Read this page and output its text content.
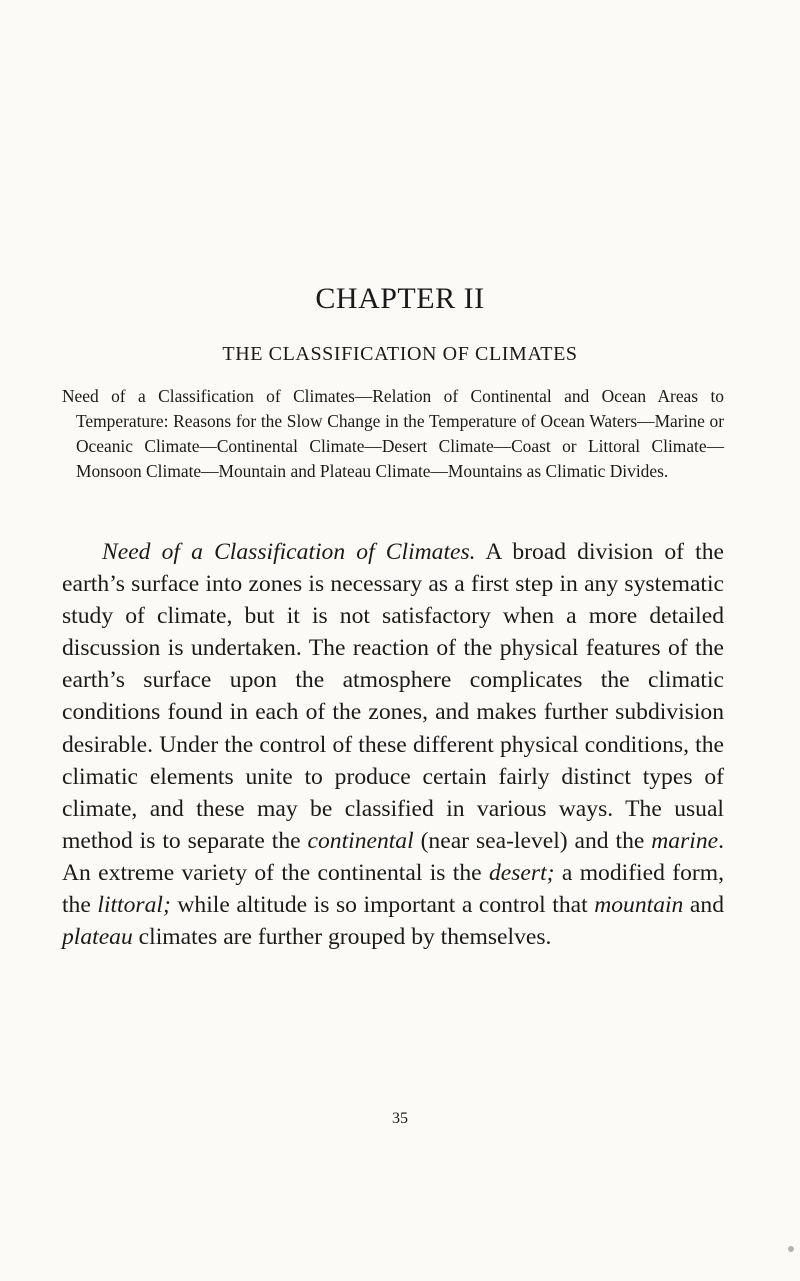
CHAPTER II
THE CLASSIFICATION OF CLIMATES

Need of a Classification of Climates—Relation of Continental and Ocean Areas to Temperature: Reasons for the Slow Change in the Temperature of Ocean Waters—Marine or Oceanic Climate—Continental Climate—Desert Climate—Coast or Littoral Climate—Monsoon Climate—Mountain and Plateau Climate—Mountains as Climatic Divides.

Need of a Classification of Climates. A broad division of the earth’s surface into zones is necessary as a first step in any systematic study of climate, but it is not satisfactory when a more detailed discussion is undertaken. The reaction of the physical features of the earth’s surface upon the atmosphere complicates the climatic conditions found in each of the zones, and makes further subdivision desirable. Under the control of these different physical conditions, the climatic elements unite to produce certain fairly distinct types of climate, and these may be classified in various ways. The usual method is to separate the continental (near sea-level) and the marine. An extreme variety of the continental is the desert; a modified form, the littoral; while altitude is so important a control that mountain and plateau climates are further grouped by themselves.

35
